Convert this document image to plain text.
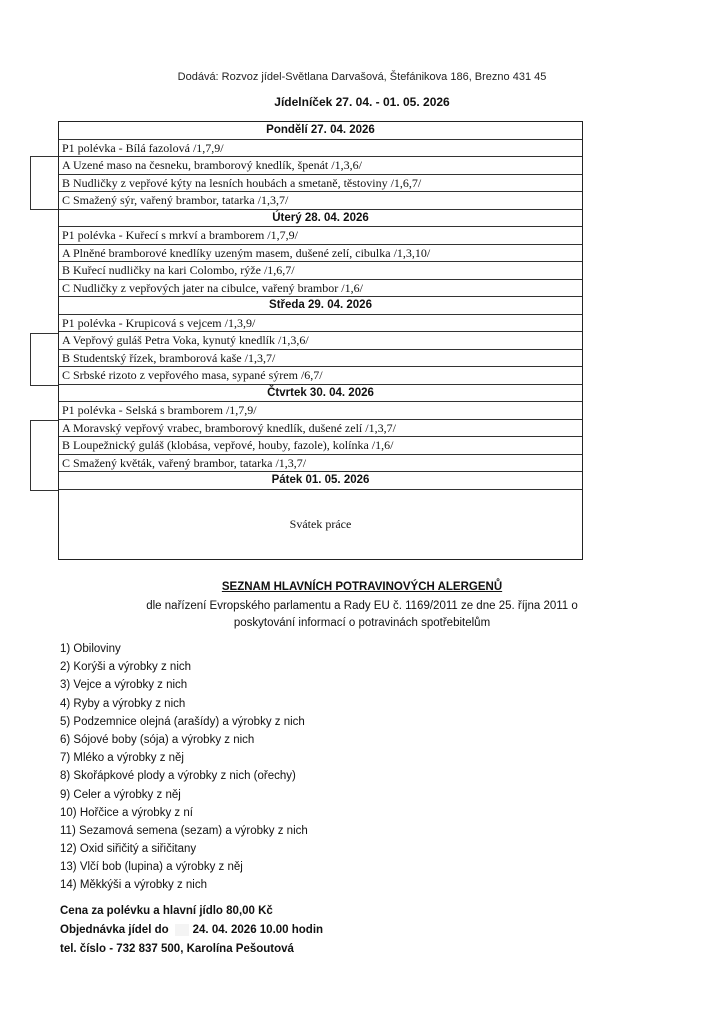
Dodává: Rozvoz jídel-Světlana Darvašová, Štefánikova 186, Brezno 431 45
Jídelníček 27. 04. - 01. 05. 2026
Pondělí 27. 04. 2026
P1 polévka - Bílá fazolová /1,7,9/
A Uzené maso na česneku, bramborový knedlík, špenát /1,3,6/
B Nudličky z vepřové kýty na lesních houbách a smetaně, těstoviny /1,6,7/
C Smažený sýr, vařený brambor, tatarka /1,3,7/
Úterý 28. 04. 2026
P1 polévka - Kuřecí s mrkví a bramborem /1,7,9/
A Plněné bramborové knedlíky uzeným masem, dušené zelí, cibulka /1,3,10/
B Kuřecí nudličky na kari Colombo, rýže /1,6,7/
C Nudličky z vepřových jater na cibulce, vařený brambor /1,6/
Středa 29. 04. 2026
P1 polévka - Krupicová s vejcem /1,3,9/
A Vepřový guláš Petra Voka, kynutý knedlík /1,3,6/
B Studentský řízek, bramborová kaše /1,3,7/
C Srbské rizoto z vepřového masa, sypané sýrem /6,7/
Čtvrtek 30. 04. 2026
P1 polévka - Selská s bramborem /1,7,9/
A Moravský vepřový vrabec, bramborový knedlík, dušené zelí /1,3,7/
B Loupežnický guláš (klobása, vepřové, houby, fazole), kolínka /1,6/
C Smažený květák, vařený brambor, tatarka /1,3,7/
Pátek 01. 05. 2026
Svátek práce
SEZNAM HLAVNÍCH POTRAVINOVÝCH ALERGENŮ
dle nařízení Evropského parlamentu a Rady EU č. 1169/2011 ze dne 25. října 2011 o
poskytování informací o potravinách spotřebitelům
1) Obiloviny
2) Korýši a výrobky z nich
3) Vejce a výrobky z nich
4) Ryby a výrobky z nich
5) Podzemnice olejná (arašídy) a výrobky z nich
6) Sójové boby (sója) a výrobky z nich
7) Mléko a výrobky z něj
8) Skořápkové plody a výrobky z nich (ořechy)
9) Celer a výrobky z něj
10) Hořčice a výrobky z ní
11) Sezamová semena (sezam) a výrobky z nich
12) Oxid siřičitý a siřičitany
13) Vlčí bob (lupina) a výrobky z něj
14) Měkkýši a výrobky z nich
Cena za polévku a hlavní jídlo 80,00 Kč
Objednávka jídel do 24. 04. 2026 10.00 hodin
tel. číslo - 732 837 500, Karolína Pešoutová
